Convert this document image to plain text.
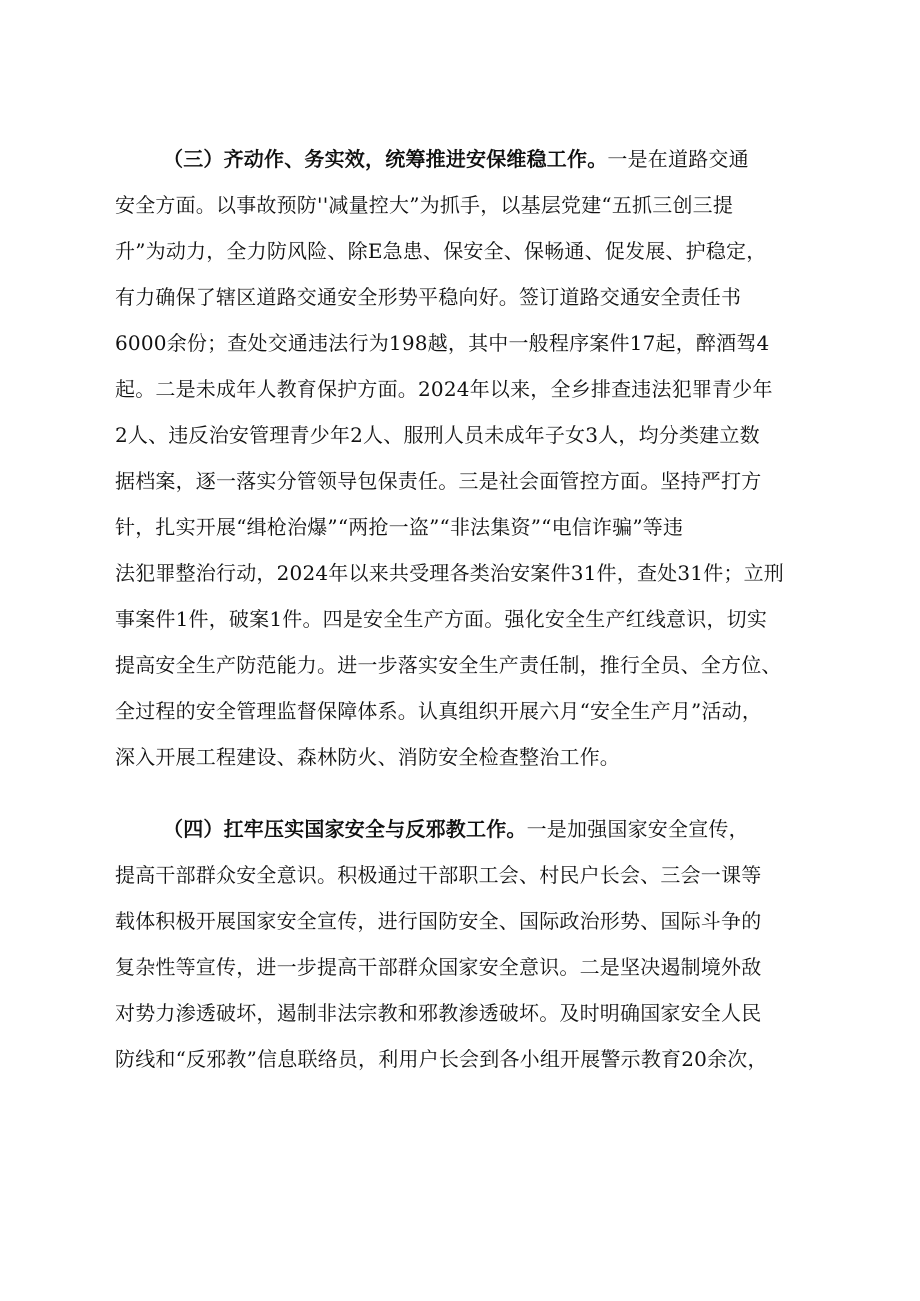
（三）齐动作、务实效，统筹推进安保维稳工作。一是在道路交通
安全方面。以事故预防''减量控大”为抓手，以基层党建“五抓三创三提
升”为动力，全力防风险、除E急患、保安全、保畅通、促发展、护稳定，
有力确保了辖区道路交通安全形势平稳向好。签订道路交通安全责任书
6000余份；查处交通违法行为198越，其中一般程序案件17起，醉酒驾4
起。二是未成年人教育保护方面。2024年以来，全乡排查违法犯罪青少年
2人、违反治安管理青少年2人、服刑人员未成年子女3人，均分类建立数
据档案，逐一落实分管领导包保责任。三是社会面管控方面。坚持严打方
针，扎实开展“缉枪治爆”“两抢一盗”“非法集资”“电信诈骗”等违
法犯罪整治行动，2024年以来共受理各类治安案件31件，查处31件；立刑
事案件1件，破案1件。四是安全生产方面。强化安全生产红线意识，切实
提高安全生产防范能力。进一步落实安全生产责任制，推行全员、全方位、
全过程的安全管理监督保障体系。认真组织开展六月“安全生产月”活动，
深入开展工程建设、森林防火、消防安全检查整治工作。
（四）扛牢压实国家安全与反邪教工作。一是加强国家安全宣传，
提高干部群众安全意识。积极通过干部职工会、村民户长会、三会一课等
载体积极开展国家安全宣传，进行国防安全、国际政治形势、国际斗争的
复杂性等宣传，进一步提高干部群众国家安全意识。二是坚决遏制境外敌
对势力渗透破坏，遏制非法宗教和邪教渗透破坏。及时明确国家安全人民
防线和“反邪教”信息联络员，利用户长会到各小组开展警示教育20余次，
